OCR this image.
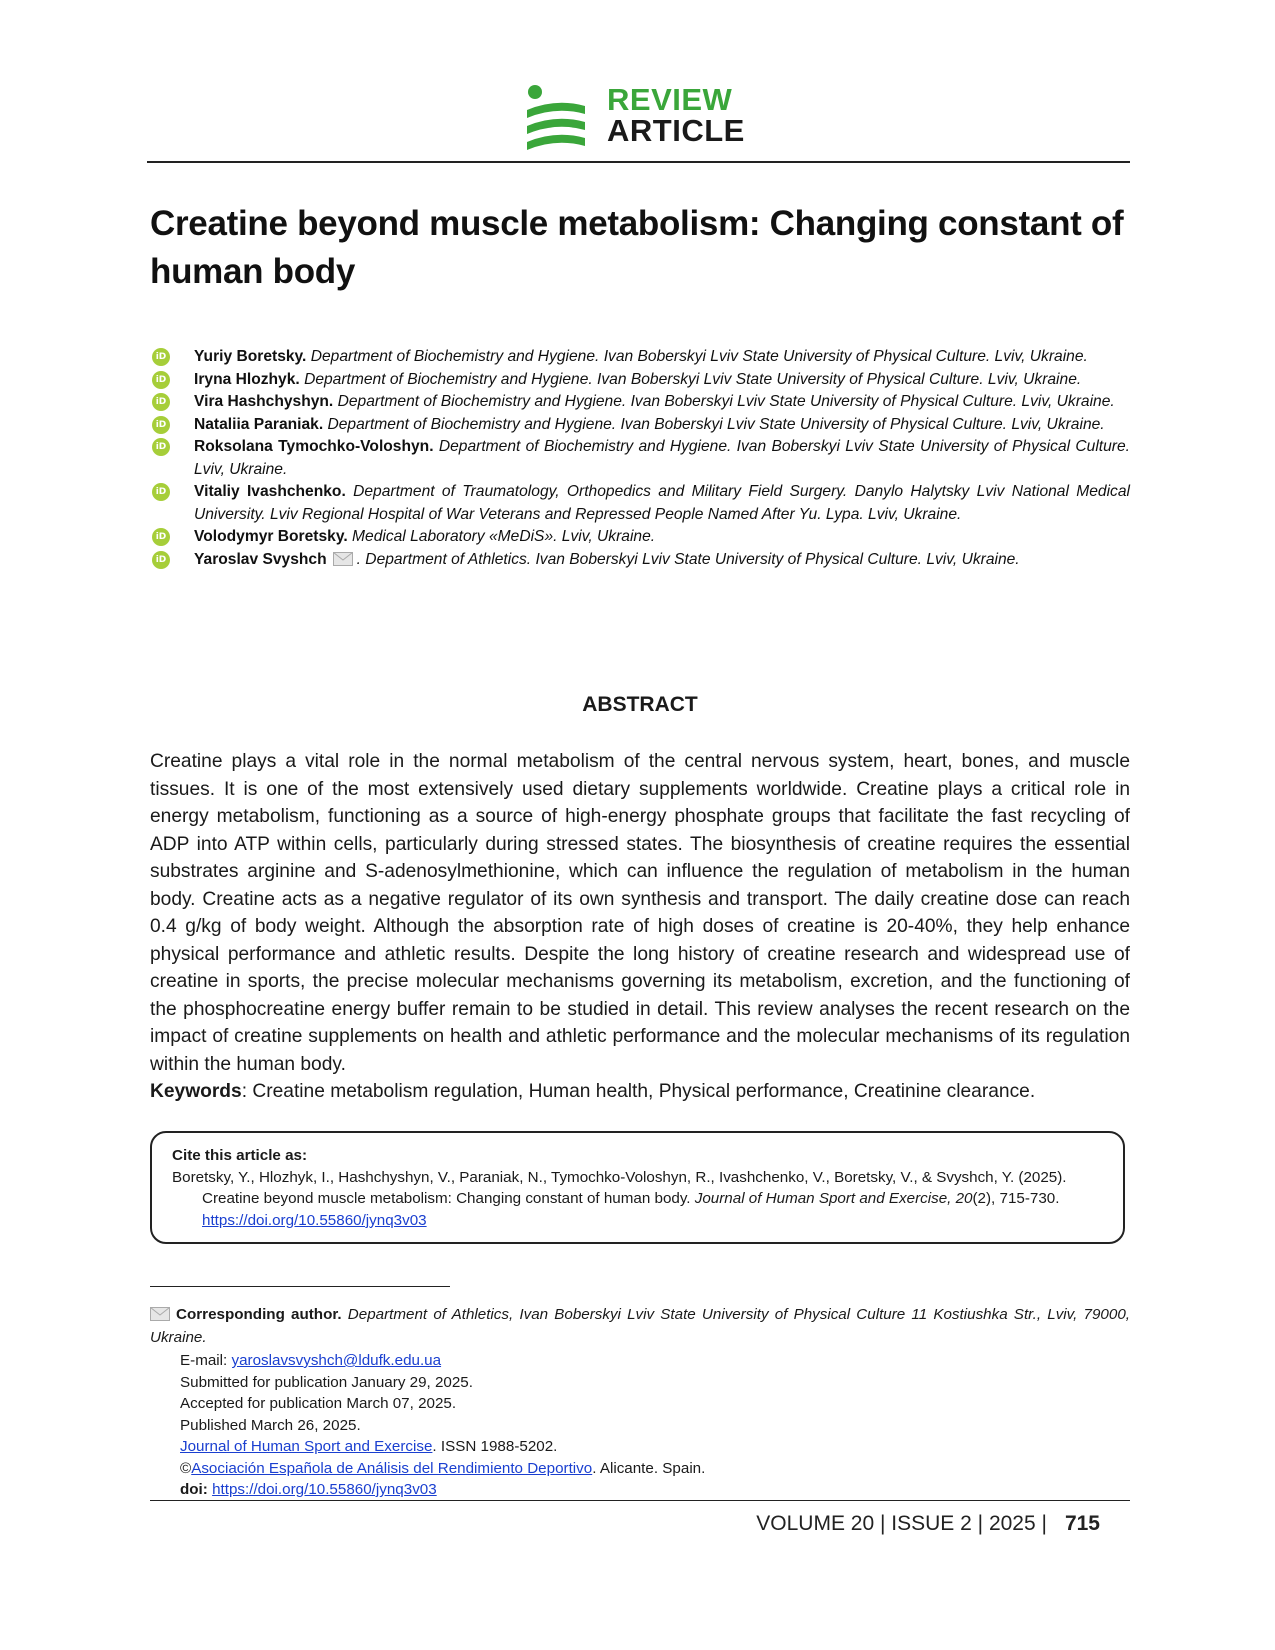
REVIEW
ARTICLE
Creatine beyond muscle metabolism: Changing constant of human body
iD Yuriy Boretsky. Department of Biochemistry and Hygiene. Ivan Boberskyi Lviv State University of Physical Culture. Lviv, Ukraine.
iD Iryna Hlozhyk. Department of Biochemistry and Hygiene. Ivan Boberskyi Lviv State University of Physical Culture. Lviv, Ukraine.
iD Vira Hashchyshyn. Department of Biochemistry and Hygiene. Ivan Boberskyi Lviv State University of Physical Culture. Lviv, Ukraine.
iD Nataliia Paraniak. Department of Biochemistry and Hygiene. Ivan Boberskyi Lviv State University of Physical Culture. Lviv, Ukraine.
iD Roksolana Tymochko-Voloshyn. Department of Biochemistry and Hygiene. Ivan Boberskyi Lviv State University of Physical Culture. Lviv, Ukraine.
iD Vitaliy Ivashchenko. Department of Traumatology, Orthopedics and Military Field Surgery. Danylo Halytsky Lviv National Medical University. Lviv Regional Hospital of War Veterans and Repressed People Named After Yu. Lypa. Lviv, Ukraine.
iD Volodymyr Boretsky. Medical Laboratory «MeDiS». Lviv, Ukraine.
iD Yaroslav Svyshch . Department of Athletics. Ivan Boberskyi Lviv State University of Physical Culture. Lviv, Ukraine.
ABSTRACT

Creatine plays a vital role in the normal metabolism of the central nervous system, heart, bones, and muscle tissues. It is one of the most extensively used dietary supplements worldwide. Creatine plays a critical role in energy metabolism, functioning as a source of high-energy phosphate groups that facilitate the fast recycling of ADP into ATP within cells, particularly during stressed states. The biosynthesis of creatine requires the essential substrates arginine and S-adenosylmethionine, which can influence the regulation of metabolism in the human body. Creatine acts as a negative regulator of its own synthesis and transport. The daily creatine dose can reach 0.4 g/kg of body weight. Although the absorption rate of high doses of creatine is 20-40%, they help enhance physical performance and athletic results. Despite the long history of creatine research and widespread use of creatine in sports, the precise molecular mechanisms governing its metabolism, excretion, and the functioning of the phosphocreatine energy buffer remain to be studied in detail. This review analyses the recent research on the impact of creatine supplements on health and athletic performance and the molecular mechanisms of its regulation within the human body.

Keywords: Creatine metabolism regulation, Human health, Physical performance, Creatinine clearance.
Cite this article as:
Boretsky, Y., Hlozhyk, I., Hashchyshyn, V., Paraniak, N., Tymochko-Voloshyn, R., Ivashchenko, V., Boretsky, V., & Svyshch, Y. (2025).
Creatine beyond muscle metabolism: Changing constant of human body. Journal of Human Sport and Exercise, 20(2), 715-730.
https://doi.org/10.55860/jynq3v03
Corresponding author. Department of Athletics, Ivan Boberskyi Lviv State University of Physical Culture 11 Kostiushka Str., Lviv, 79000, Ukraine.
E-mail: yaroslavsvyshch@ldufk.edu.ua
Submitted for publication January 29, 2025.
Accepted for publication March 07, 2025.
Published March 26, 2025.
Journal of Human Sport and Exercise. ISSN 1988-5202.
©Asociación Española de Análisis del Rendimiento Deportivo. Alicante. Spain.
doi: https://doi.org/10.55860/jynq3v03
VOLUME 20 | ISSUE 2 | 2025 | 715
